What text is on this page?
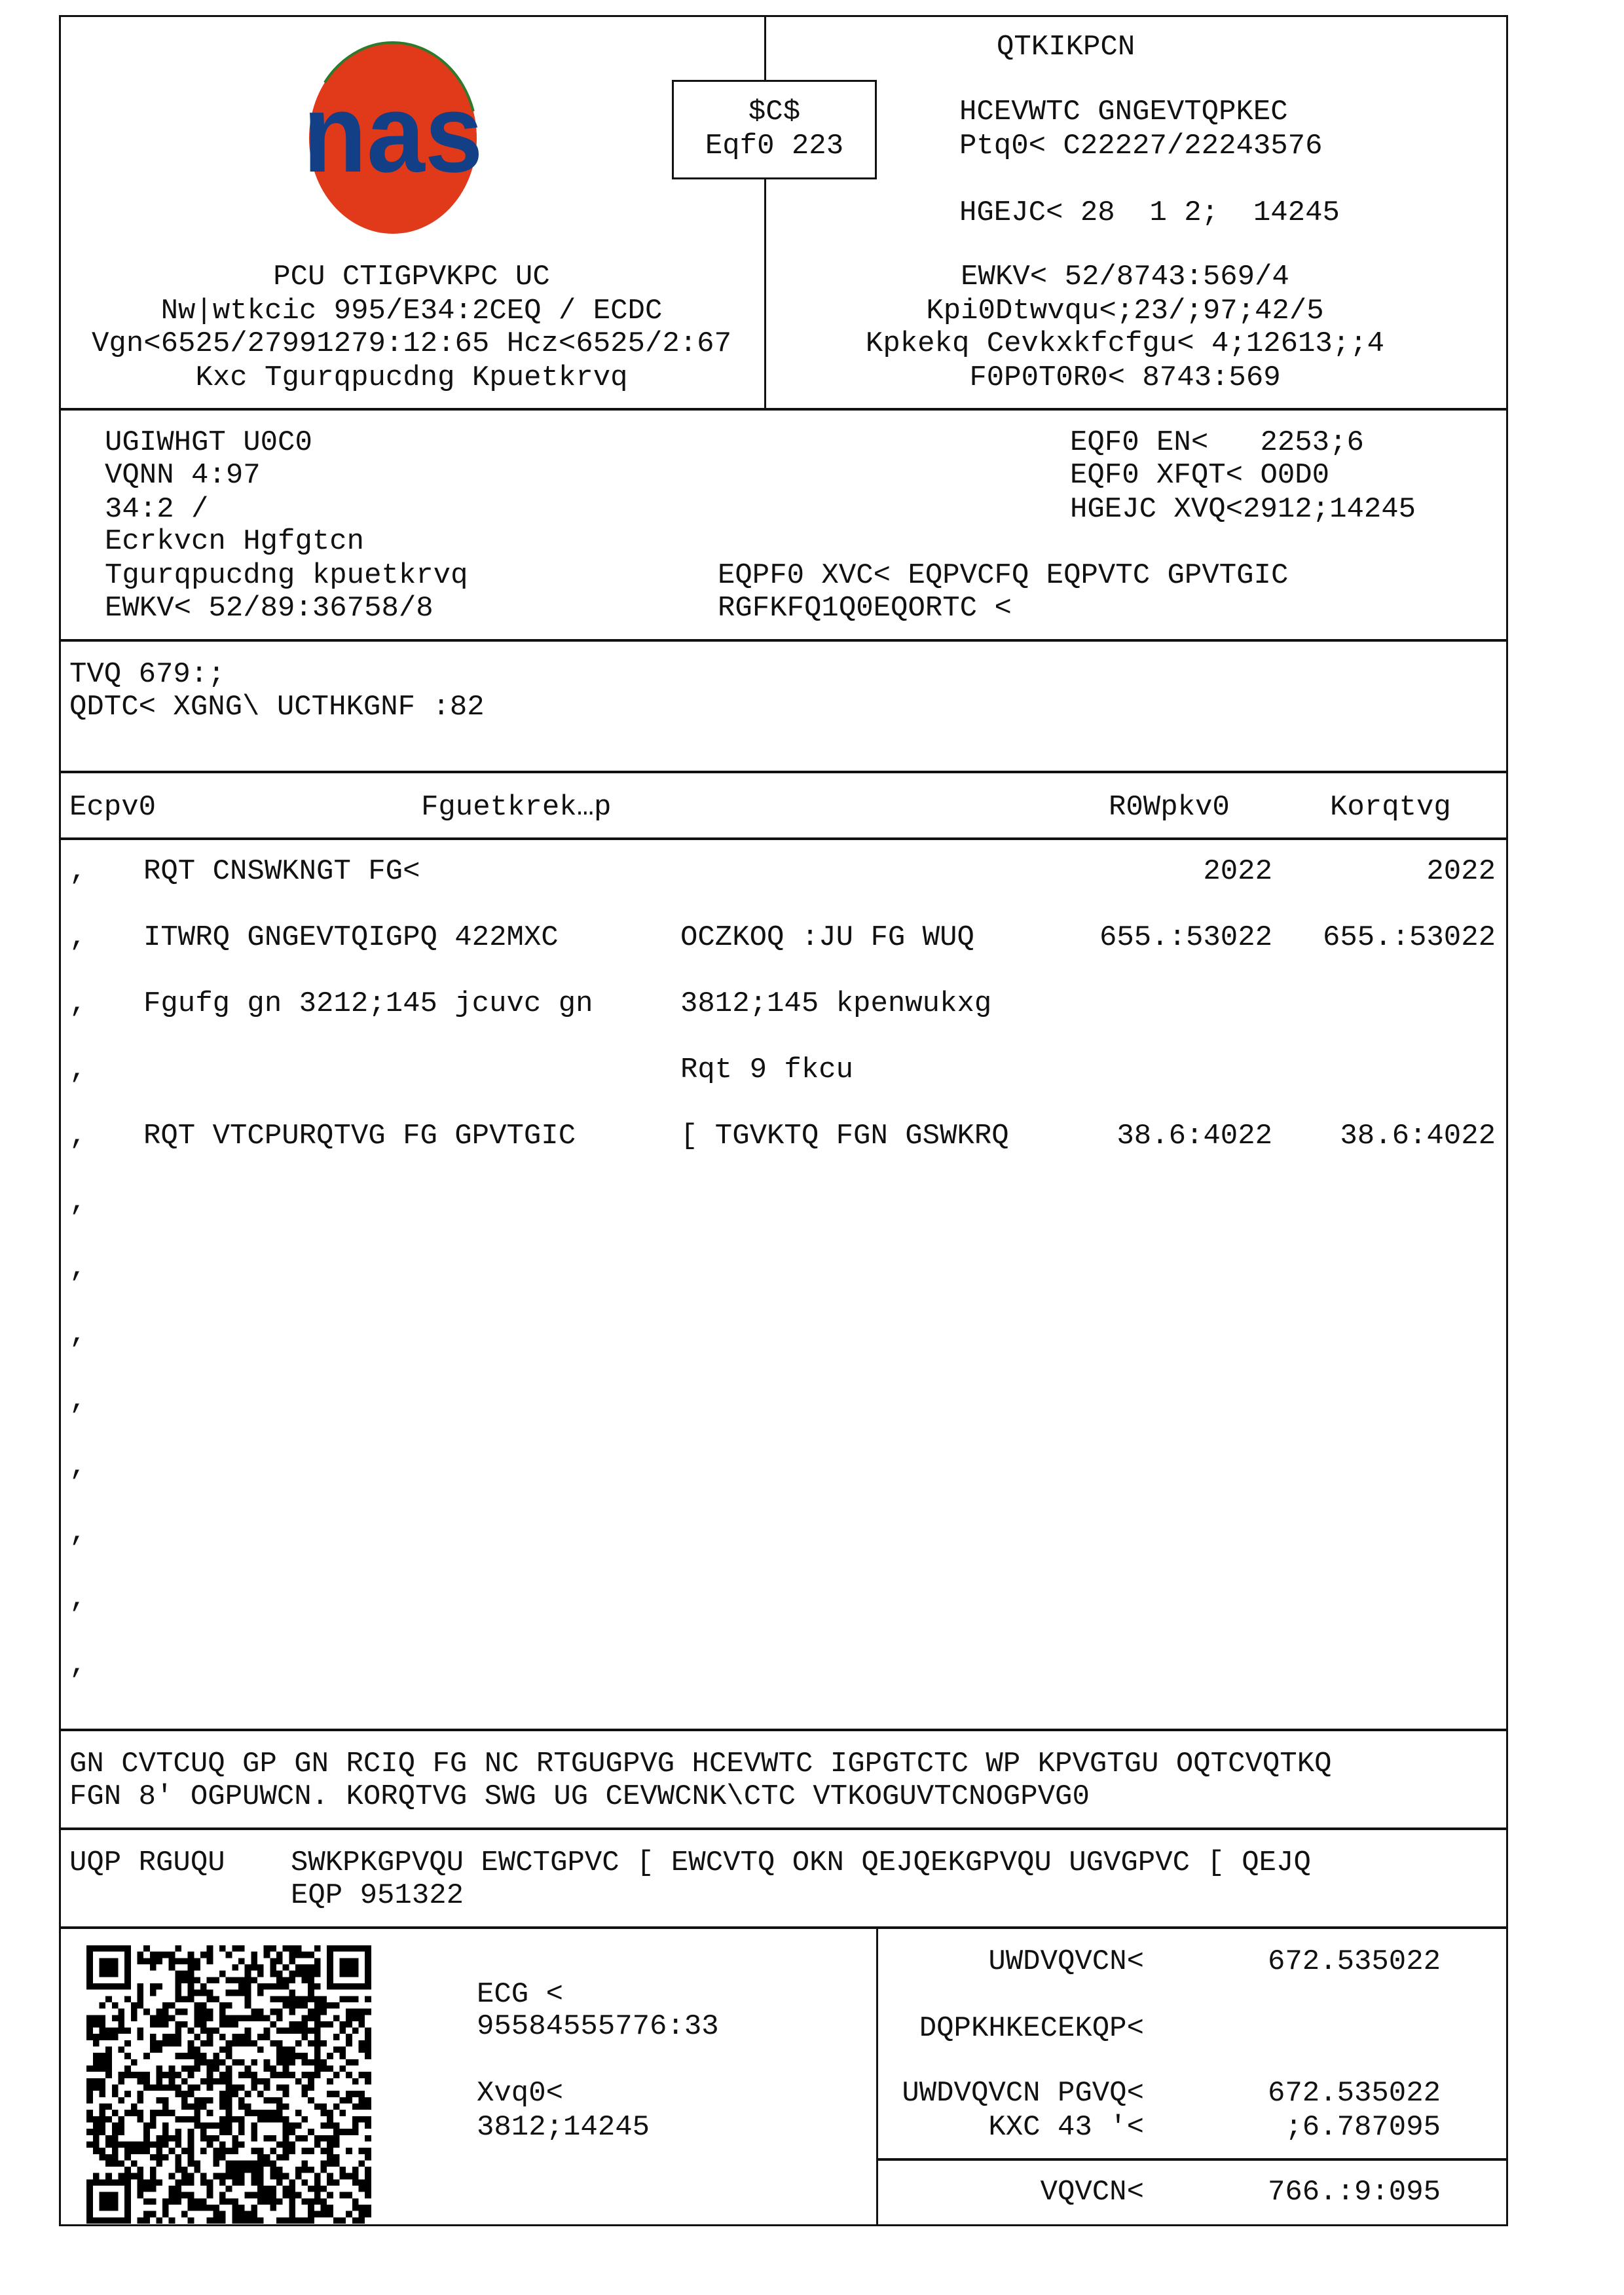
nas
PCU CTIGPVKPC UC
Nw|wtkcic 995/E34:2CEQ / ECDC
Vgn<6525/27991279:12:65 Hcz<6525/2:67
Kxc Tgurqpucdng Kpuetkrvq
$C$
Eqf0 223
QTKIKPCN
HCEVWTC GNGEVTQPKEC
Ptq0< C22227/22243576
HGEJC< 28  1 2;  14245
EWKV< 52/8743:569/4
Kpi0Dtwvqu<;23/;97;42/5
Kpkekq Cevkxkfcfgu< 4;12613;;4
F0P0T0R0< 8743:569
UGIWHGT U0C0
VQNN 4:97
34:2 /
Ecrkvcn Hgfgtcn
Tgurqpucdng kpuetkrvq
EWKV< 52/89:36758/8
EQF0 EN<   2253;6
EQF0 XFQT< O0D0
HGEJC XVQ<2912;14245
EQPF0 XVC< EQPVCFQ EQPVTC GPVTGIC
RGFKFQ1Q0EQORTC <
TVQ 679:;
QDTC< XGNG\ UCTHKGNF :82
Ecpv0	Fguetkrek…p	R0Wpkv0	Korqtvg
, RQT CNSWKNGT FG<	2022	2022
, ITWRQ GNGEVTQIGPQ 422MXC	OCZKOQ :JU FG WUQ	655.:53022 655.:53022
, Fgufg gn 3212;145 jcuvc gn	3812;145 kpenwukxg
,	Rqt 9 fkcu
, RQT VTCPURQTVG FG GPVTGIC	[ TGVKTQ FGN GSWKRQ	38.6:4022 38.6:4022
,
,
,
,
,
,
,
,
GN CVTCUQ GP GN RCIQ FG NC RTGUGPVG HCEVWTC IGPGTCTC WP KPVGTGU OQTCVQTKQ
FGN 8′ OGPUWCN. KORQTVG SWG UG CEVWCNK\CTC VTKOGUVTCNOGPVG0
UQP RGUQU SWKPKGPVQU EWCTGPVC [ EWCVTQ OKN QEJQEKGPVQU UGVGPVC [ QEJQ
EQP 951322
ECG <
95584555776:33
Xvq0<
3812;14245
UWDVQVCN<	672.535022
DQPKHKECEKQP<
UWDVQVCN PGVQ<	672.535022
KXC 43 ′<	;6.787095
VQVCN<	766.:9:095
